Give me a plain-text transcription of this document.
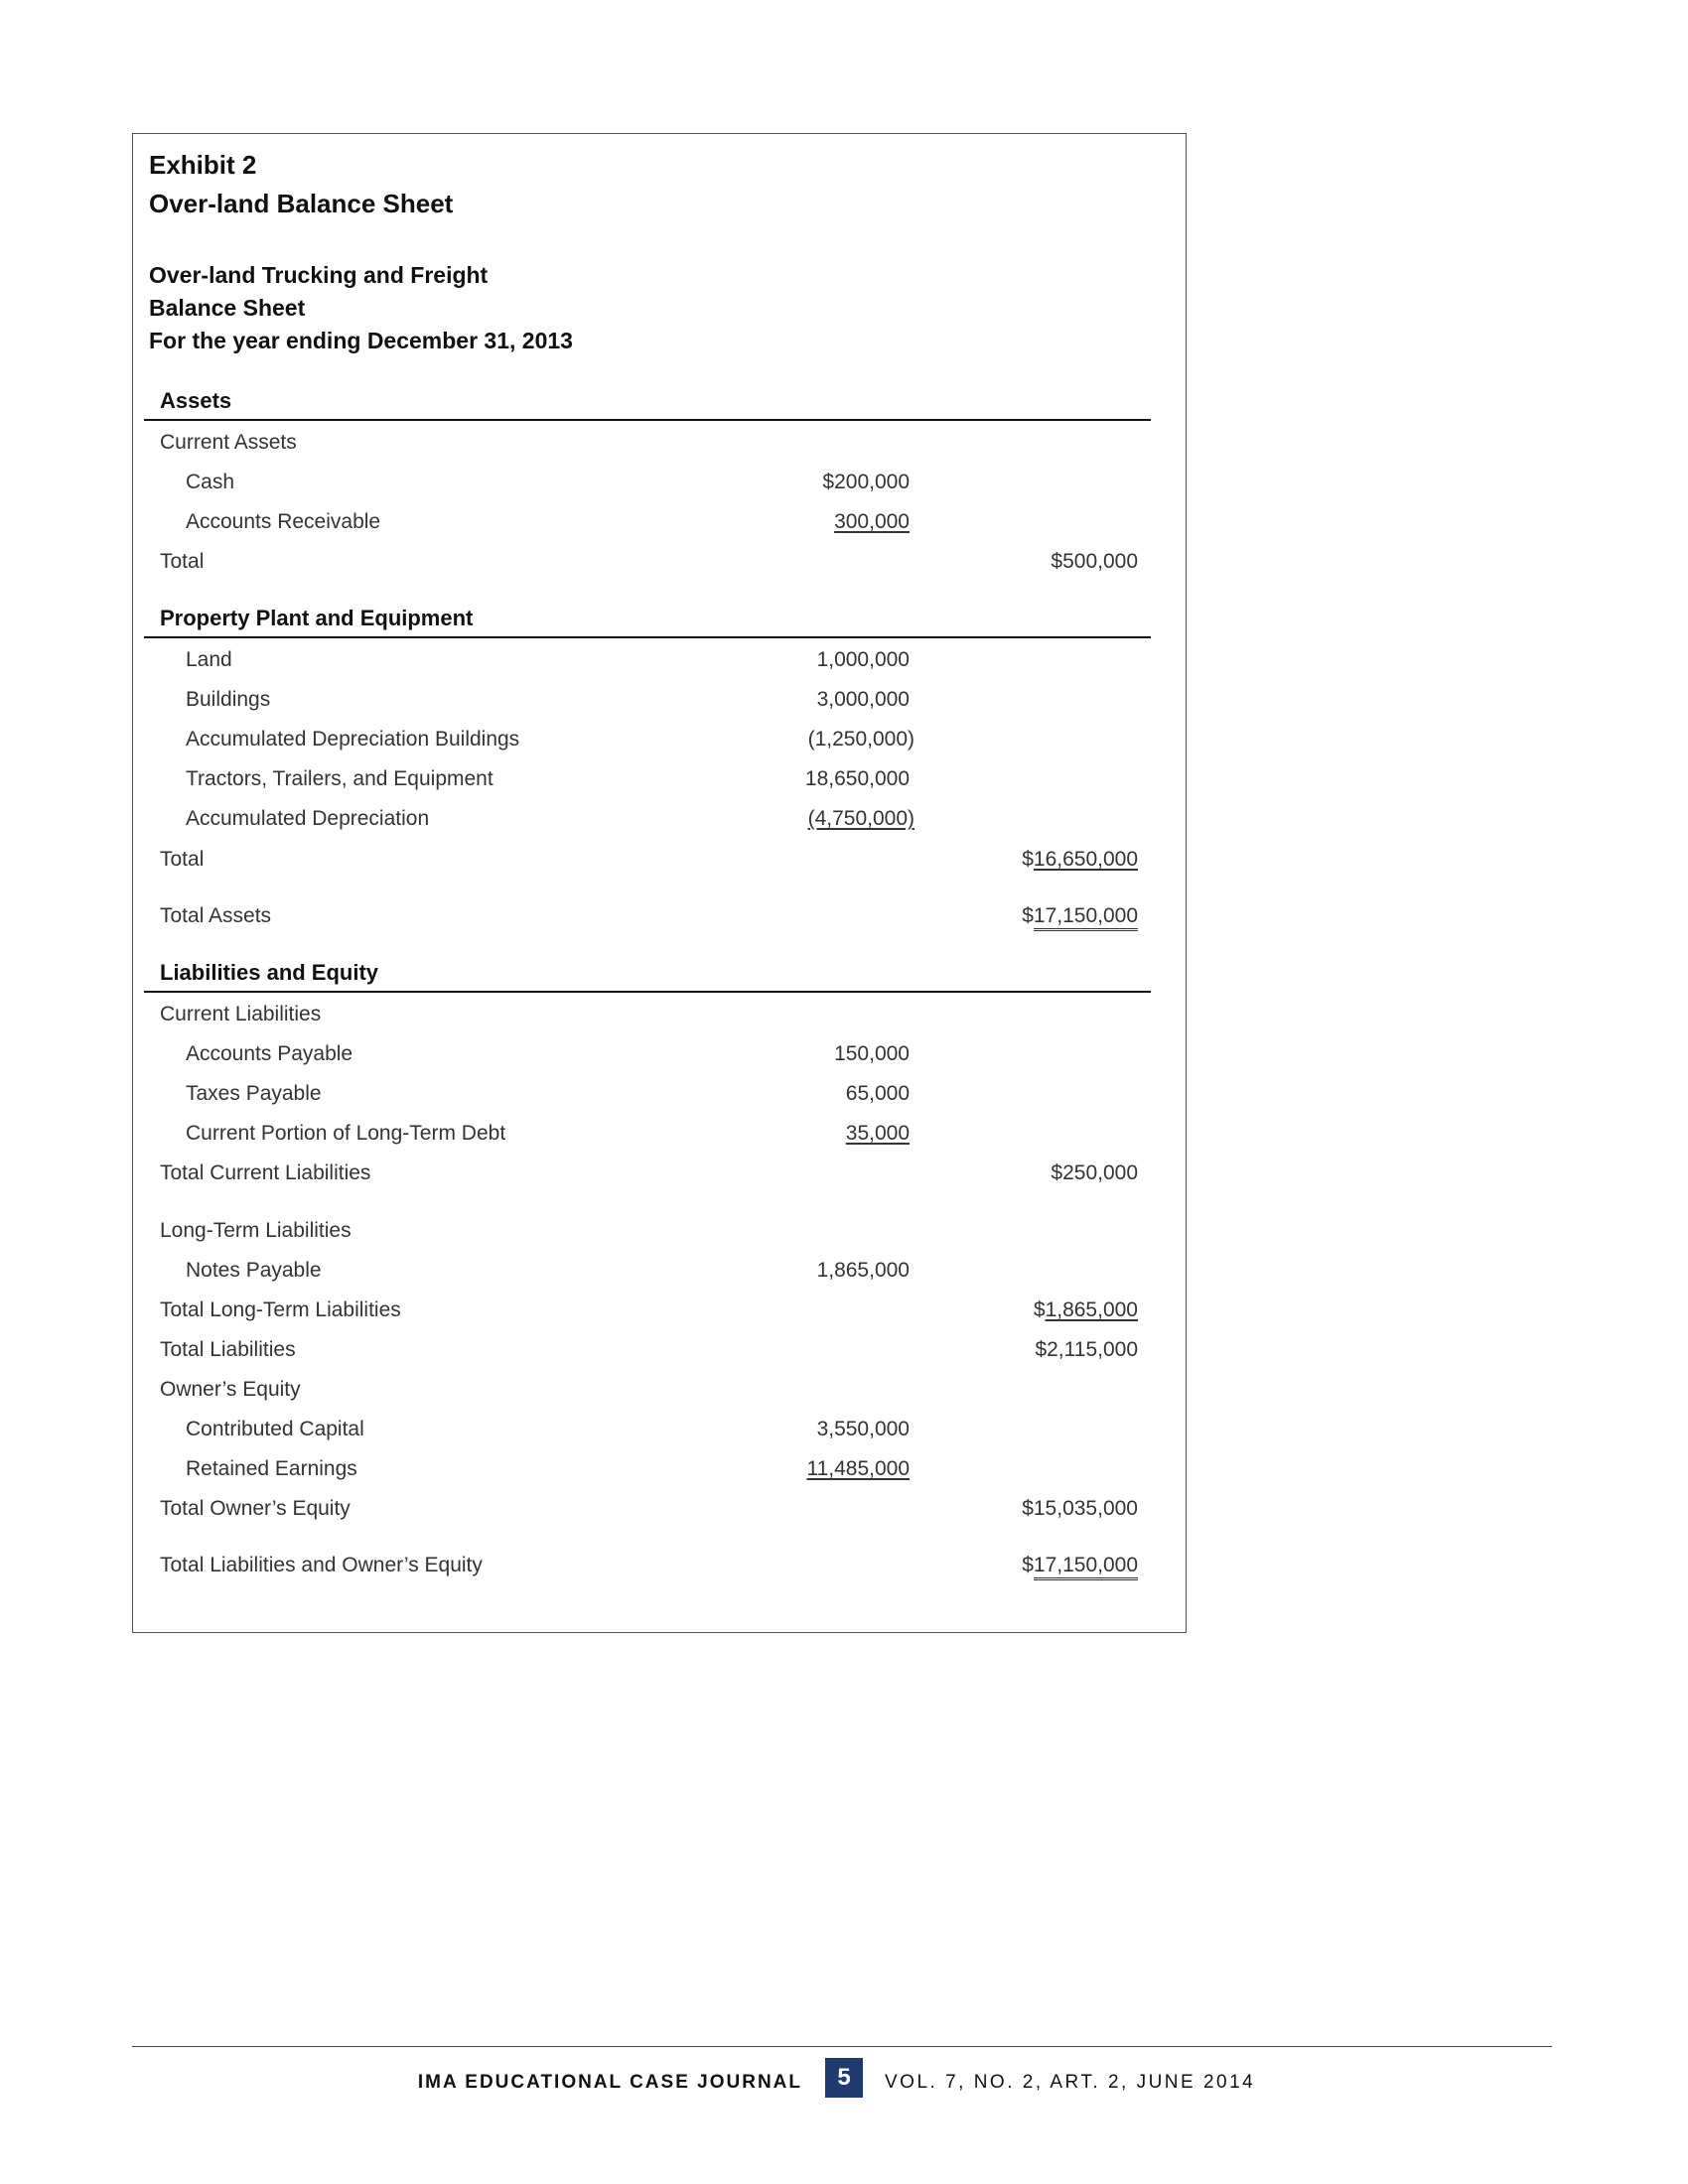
Exhibit 2
Over-land Balance Sheet
Over-land Trucking and Freight
Balance Sheet
For the year ending December 31, 2013
Assets
Current Assets
Cash	$200,000
Accounts Receivable	300,000
Total	$500,000
Property Plant and Equipment
Land	1,000,000
Buildings	3,000,000
Accumulated Depreciation Buildings	(1,250,000)
Tractors, Trailers, and Equipment	18,650,000
Accumulated Depreciation	(4,750,000)
Total	$16,650,000
Total Assets	$17,150,000
Liabilities and Equity
Current Liabilities
Accounts Payable	150,000
Taxes Payable	65,000
Current Portion of Long-Term Debt	35,000
Total Current Liabilities	$250,000
Long-Term Liabilities
Notes Payable	1,865,000
Total Long-Term Liabilities	$1,865,000
Total Liabilities	$2,115,000
Owner’s Equity
Contributed Capital	3,550,000
Retained Earnings	11,485,000
Total Owner’s Equity	$15,035,000
Total Liabilities and Owner’s Equity	$17,150,000
IMA EDUCATIONAL CASE JOURNAL	5	VOL. 7, NO. 2, ART. 2, JUNE 2014
